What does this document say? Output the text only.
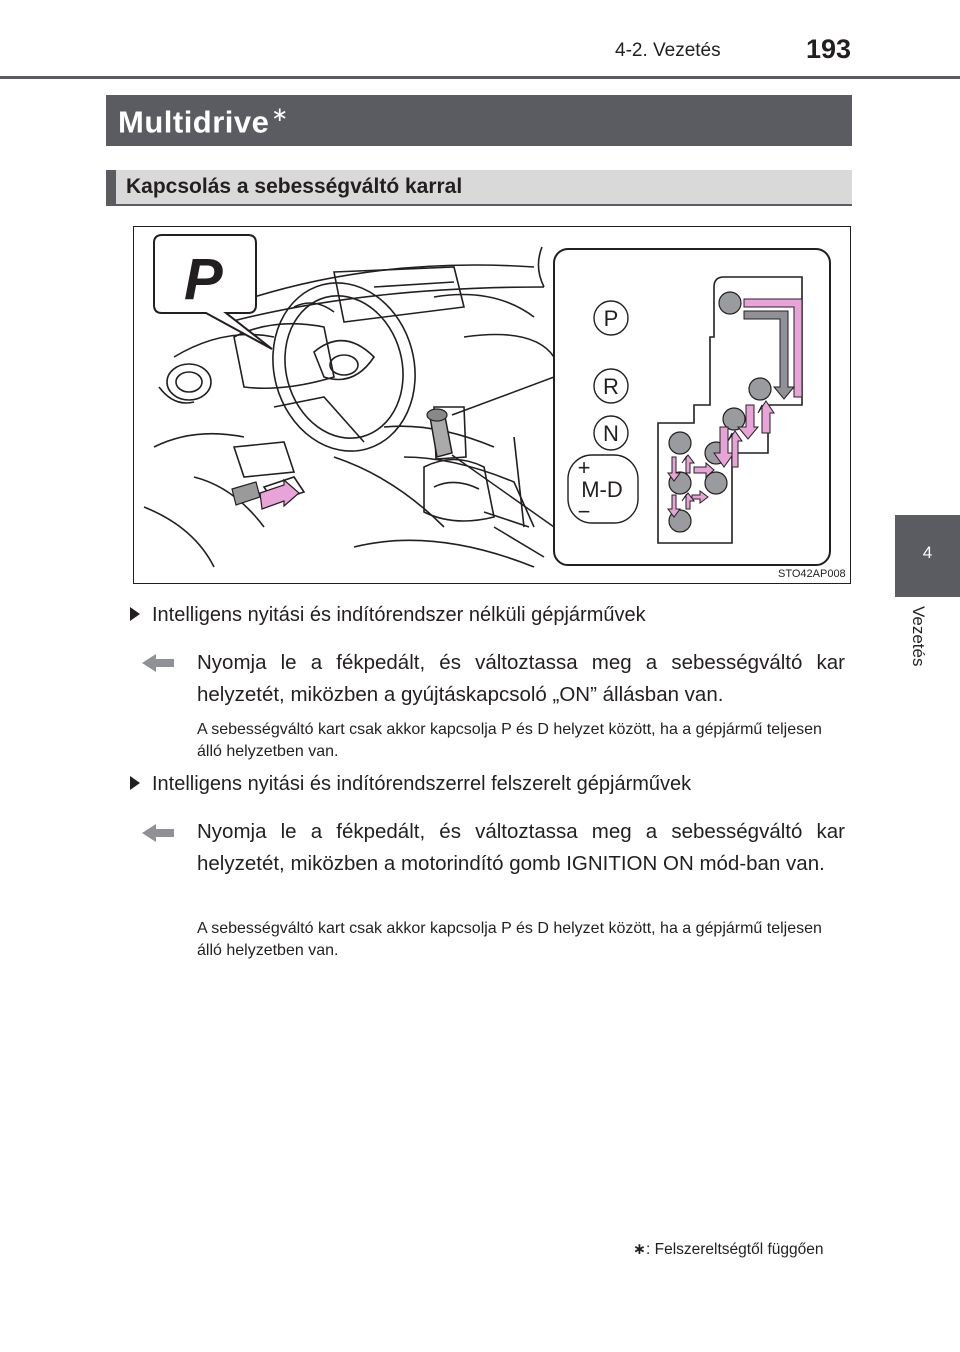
4-2. Vezetés	193
Multidrive ∗
Kapcsolás a sebességváltó karral
P
P
R
N
+
M-D
−
STO42AP008
4
Vezetés
Intelligens nyitási és indítórendszer nélküli gépjárművek
Nyomja le a fékpedált, és változtassa meg a sebességváltó kar helyzetét, miközben a gyújtáskapcsoló „ON” állásban van.
A sebességváltó kart csak akkor kapcsolja P és D helyzet között, ha a gépjármű teljesen álló helyzetben van.
Intelligens nyitási és indítórendszerrel felszerelt gépjárművek
Nyomja le a fékpedált, és változtassa meg a sebességváltó kar helyzetét, miközben a motorindító gomb IGNITION ON mód-ban van.
A sebességváltó kart csak akkor kapcsolja P és D helyzet között, ha a gépjármű teljesen álló helyzetben van.
∗: Felszereltségtől függően
